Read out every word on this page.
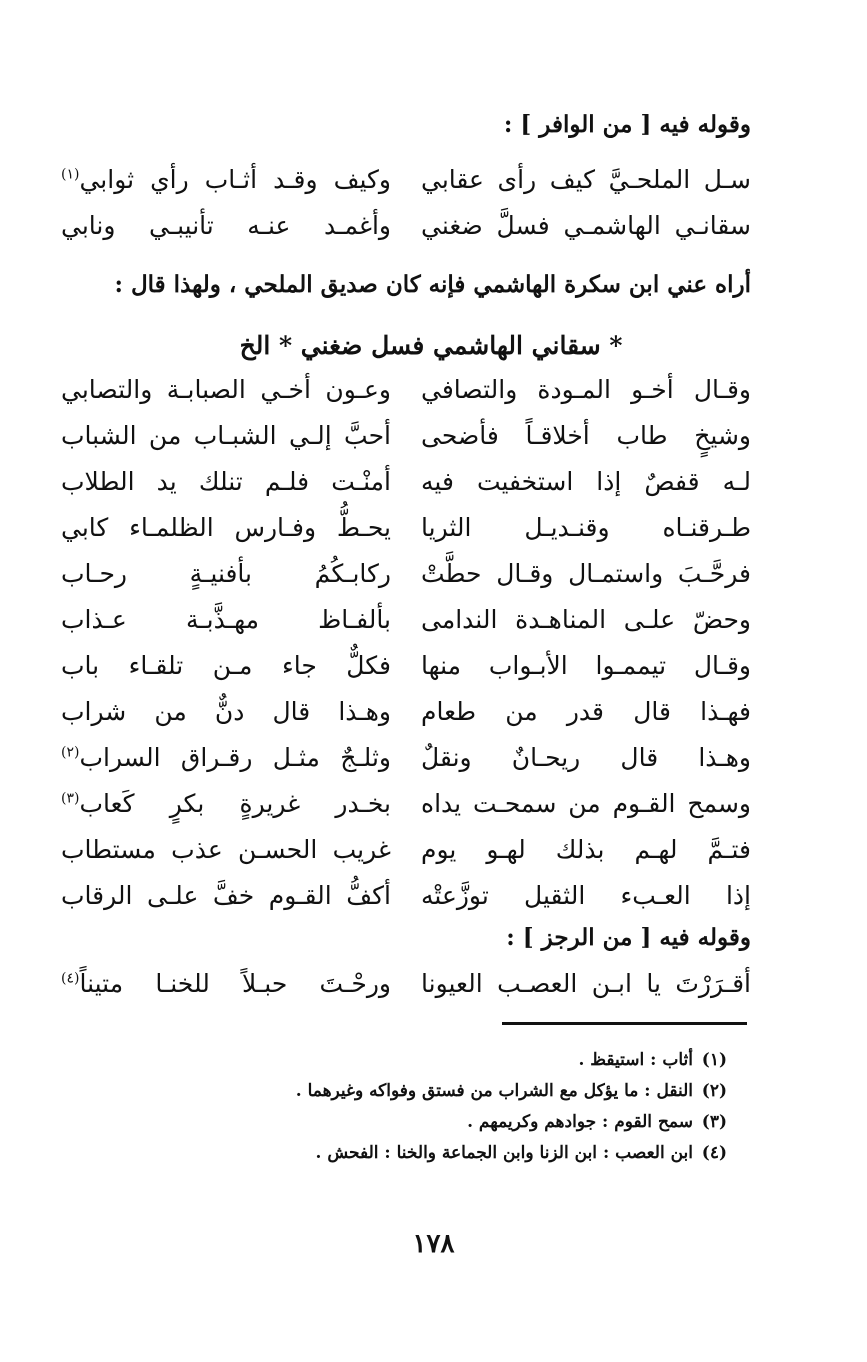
وقوله فيه [ من الوافر ] :
سـل الملحـيَّ كيف رأى عقابي
وكيف وقـد أثـاب رأي ثوابي$^{(١)}$
سقانـي الهاشمـي فسلَّ ضغني
وأغمـد عنـه تأنيبـي ونابي
أراه عني ابن سكرة الهاشمي فإنه كان صديق الملحي ، ولهذا قال :
* سقاني الهاشمي فسل ضغني * الخ
وقـال أخـو المـودة والتصافي
وعـون أخـي الصبابـة والتصابي
وشيخٍ طاب أخلاقـاً فأضحى
أحبَّ إلـي الشبـاب من الشباب
لـه قفصٌ إذا استخفيت فيه
أمنْـت فلـم تنلك يد الطلاب
طـرقنـاه وقنـديـل الثريا
يحـطُّ وفـارس الظلمـاء كابي
فرحَّـبَ واستمـال وقـال حطَّتْ
ركابـكُمُ بأفنيـةٍ رحـاب
وحضّ علـى المناهـدة الندامى
بألفـاظ مهـذَّبـة عـذاب
وقـال تيممـوا الأبـواب منها
فكلٌّ جاء مـن تلقـاء باب
فهـذا قال قدر من طعام
وهـذا قال دنٌّ من شراب
وهـذا قال ريحـانٌ ونقلٌ
وثلـجٌ مثـل رقـراق السراب$^{(٢)}$
وسمح القـوم من سمحـت يداه
بخـدر غريرةٍ بكرٍ كَعاب$^{(٣)}$
فتـمَّ لهـم بذلك لهـو يوم
غريب الحسـن عذب مستطاب
إذا العـبء الثقيل توزَّعتْه
أكفُّ القـوم خفَّ علـى الرقاب
وقوله فيه [ من الرجز ] :
أقـرَرْتَ يا ابـن العصـب العيونا
ورحْـتَ حبـلاً للخنـا متيناً$^{(٤)}$
(١)أثاب : استيقظ .
(٢)النقل : ما يؤكل مع الشراب من فستق وفواكه وغيرهما .
(٣)سمح القوم : جوادهم وكريمهم .
(٤)ابن العصب : ابن الزنا وابن الجماعة والخنا : الفحش .
١٧٨
